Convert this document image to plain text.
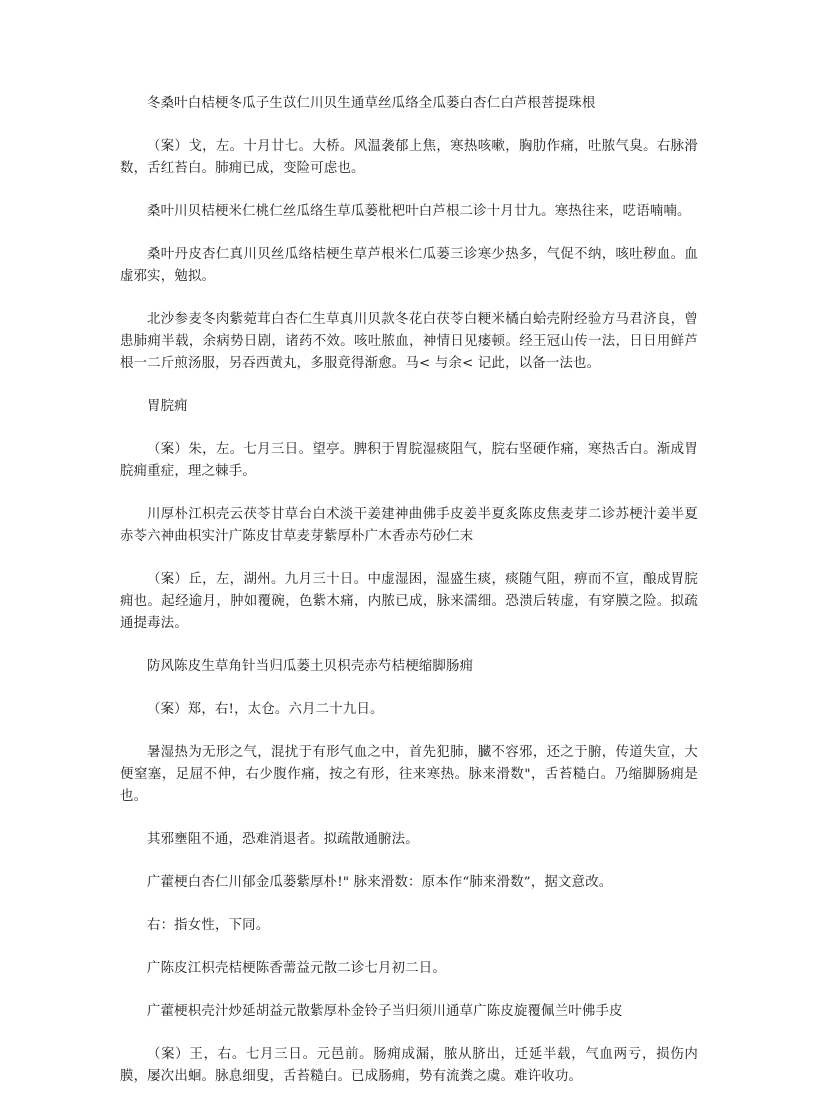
冬桑叶白桔梗冬瓜子生苡仁川贝生通草丝瓜络全瓜蒌白杏仁白芦根菩提珠根

（案）戈，左。十月廿七。大桥。风温袭郁上焦，寒热咳嗽，胸肋作痛，吐脓气臭。右脉滑数，舌红苔白。肺痈已成，变险可虑也。

桑叶川贝桔梗米仁桃仁丝瓜络生草瓜蒌枇杷叶白芦根二诊十月廿九。寒热往来，呓语喃喃。

桑叶丹皮杏仁真川贝丝瓜络桔梗生草芦根米仁瓜蒌三诊寒少热多，气促不纳，咳吐秽血。血虚邪实，勉拟。

北沙参麦冬肉紫菀茸白杏仁生草真川贝款冬花白茯苓白粳米橘白蛤壳附经验方马君济良，曾患肺痈半载，余病势日剧，诸药不效。咳吐脓血，神情日见瘘顿。经王冠山传一法，日日用鲜芦根一二斤煎汤服，另吞西黄丸，多服竟得渐愈。马< 与余< 记此，以备一法也。

胃脘痈

（案）朱，左。七月三日。望亭。脾积于胃脘湿痰阻气，脘右坚硬作痛，寒热舌白。渐成胃脘痈重症，理之棘手。

川厚朴江枳壳云茯苓甘草台白术淡干姜建神曲佛手皮姜半夏炙陈皮焦麦芽二诊苏梗汁姜半夏赤苓六神曲枳实汁广陈皮甘草麦芽紫厚朴广木香赤芍砂仁末

（案）丘，左，湖州。九月三十日。中虚湿困，湿盛生痰，痰随气阻，痹而不宣，酿成胃脘痈也。起经逾月，肿如覆碗，色紫木痛，内脓已成，脉来濡细。恐溃后转虚，有穿膜之险。拟疏通提毒法。

防风陈皮生草角针当归瓜蒌土贝枳壳赤芍桔梗缩脚肠痈

（案）郑，右!，太仓。六月二十九日。

暑湿热为无形之气，混扰于有形气血之中，首先犯肺，臓不容邪，还之于腑，传道失宣，大便窒塞，足屈不伸，右少腹作痛，按之有形，往来寒热。脉来滑数"，舌苔糙白。乃缩脚肠痈是也。

其邪壅阻不通，恐难消退者。拟疏散通腑法。

广藿梗白杏仁川郁金瓜蒌紫厚朴!" 脉来滑数：原本作“肺来滑数”，据文意改。

右：指女性，下同。

广陈皮江枳壳桔梗陈香薷益元散二诊七月初二日。

广藿梗枳壳汁炒延胡益元散紫厚朴金铃子当归须川通草广陈皮旋覆佩兰叶佛手皮

（案）王，右。七月三日。元邑前。肠痈成漏，脓从脐出，迁延半载，气血两亏，损伤内膜，屡次出蛔。脉息细叟，舌苔糙白。已成肠痈，势有流粪之虞。难许收功。
